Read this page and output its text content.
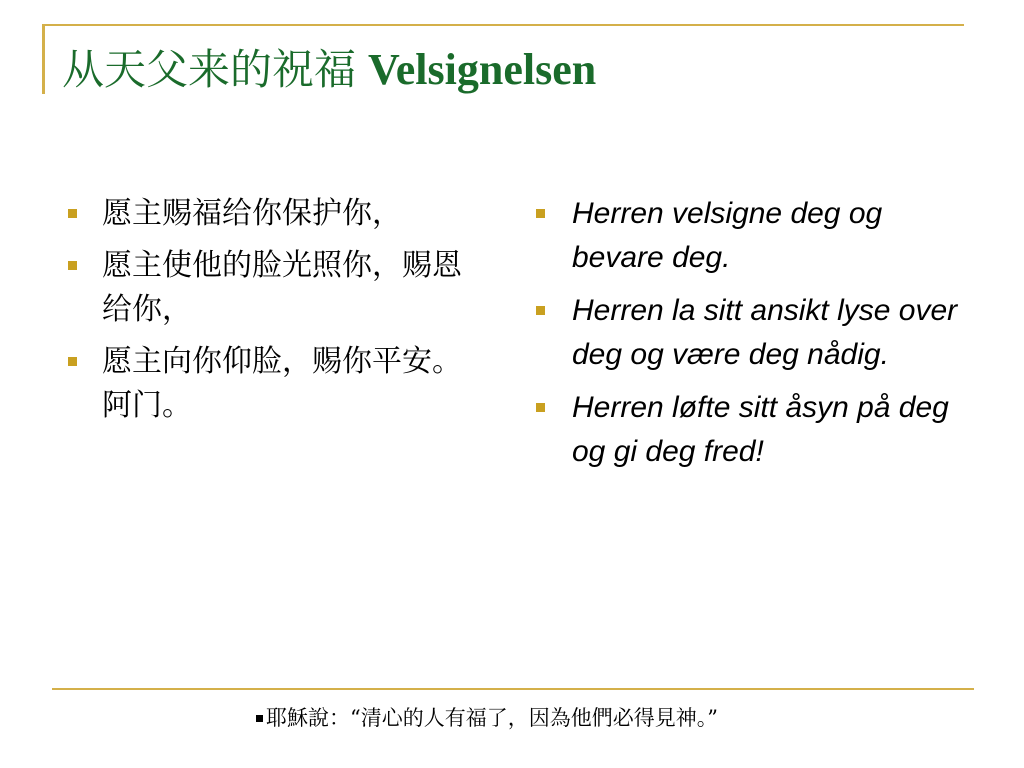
从天父来的祝福 Velsignelsen
愿主赐福给你保护你，
愿主使他的脸光照你，赐恩给你，
愿主向你仰脸，赐你平安。阿门。
Herren velsigne deg og bevare deg.
Herren la sitt ansikt lyse over deg og være deg nådig.
Herren løfte sitt åsyn på deg og gi deg fred!
耶穌說：“清心的人有福了，因為他們必得見神。”
